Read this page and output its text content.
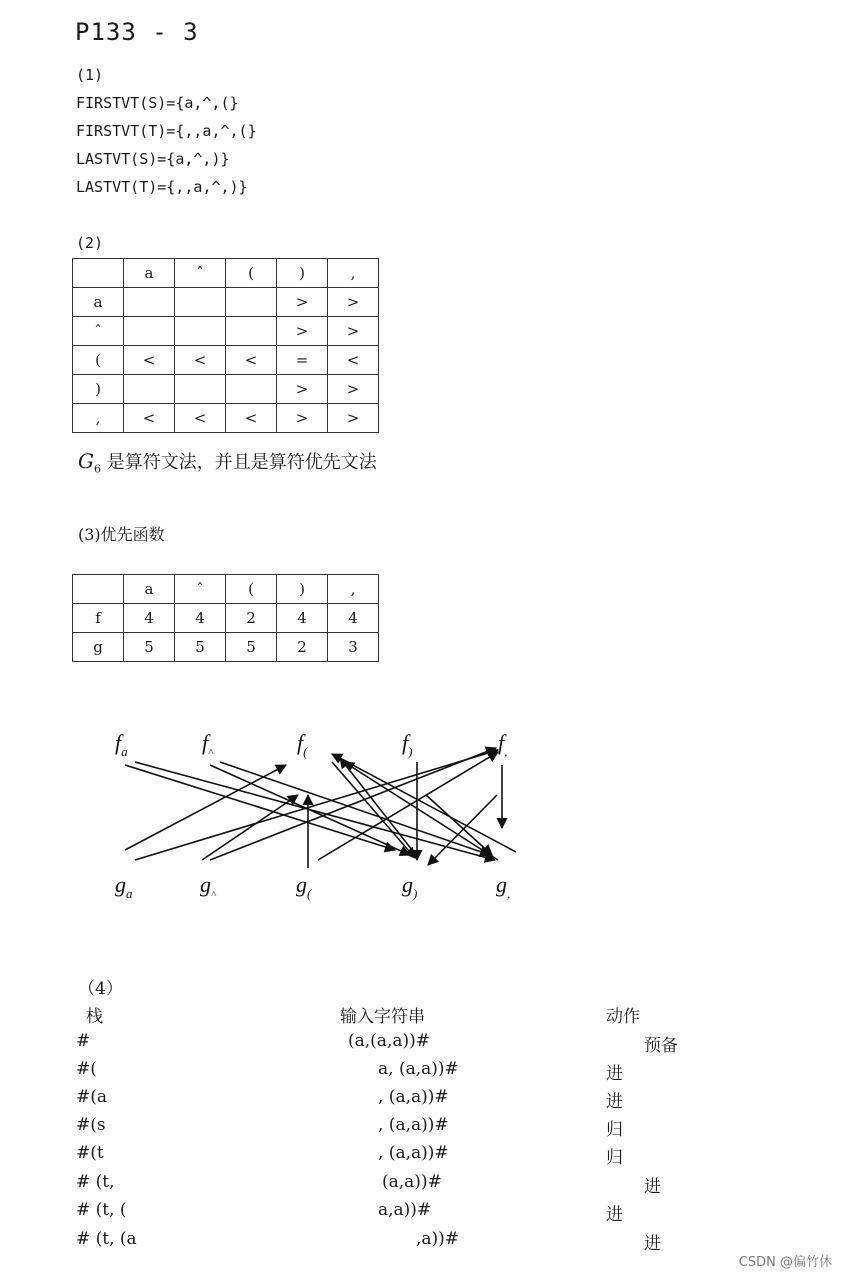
P133 - 3
(1)
FIRSTVT(S)={a,^,(}
FIRSTVT(T)={,,a,^,(}
LASTVT(S)={a,^,)}
LASTVT(T)={,,a,^,)}
(2)
	a	ˆ	(	)	,
a				>	>
ˆ				>	>
(	<	<	<	=	<
)				>	>
,	<	<	<	>	>
$G_6$ 是算符文法，并且是算符优先文法
(3)优先函数
	a	ˆ	(	)	,
f	4	4	2	4	4
g	5	5	5	2	3
$f_a$	$f_{\^{}}$	$f_($	$f_)$	$f_,$
$g_a$	$g_{\^{}}$	$g_($	$g_)$	$g_,$
（4）
栈	输入字符串	动作
#	(a,(a,a))#	预备
#(	a, (a,a))#	进
#(a	, (a,a))#	进
#(s	, (a,a))#	归
#(t	, (a,a))#	归
# (t,	(a,a))#	进
# (t, (	a,a))#	进
# (t, (a	,a))#	进
CSDN @偏竹休
